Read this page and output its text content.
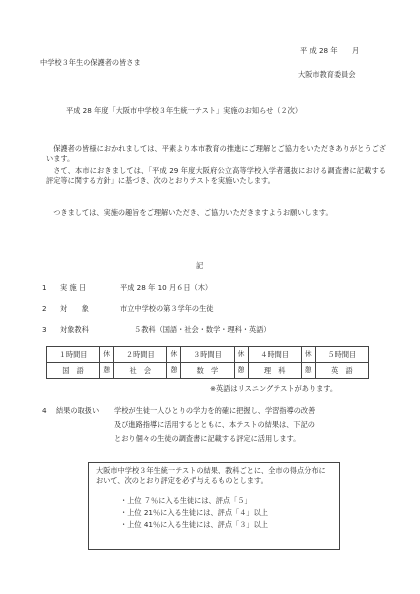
平 成 28 年　　月
中学校３年生の保護者の皆さま
大阪市教育委員会
平成 28 年度「大阪市中学校３年生統一テスト」実施のお知らせ（２次）
保護者の皆様におかれましては、平素より本市教育の推進にご理解とご協力をいただきありがとうございます。
さて、本市におきましては、「平成 29 年度大阪府公立高等学校入学者選抜における調査書に記載する評定等に関する方針」に基づき、次のとおりテストを実施いたします。
つきましては、実施の趣旨をご理解いただき、ご協力いただきますようお願いします。
記
1 実 施 日	平成 28 年 10 月６日（木）
2 対　　象	市立中学校の第３学年の生徒
3 対象教科	５教科（国語・社会・数学・理科・英語）
１時間目	休	２時間目	休	３時間目	休	４時間目	休	５時間目
国　語	憩	社　会	憩	数　学	憩	理　科	憩	英　語
※英語はリスニングテストがあります。
4 結果の取扱い 学校が生徒一人ひとりの学力を的確に把握し、学習指導の改善
及び進路指導に活用するとともに、本テストの結果は、下記の
とおり個々の生徒の調査書に記載する評定に活用します。
大阪市中学校３年生統一テストの結果、教科ごとに、全市の得点分布において、次のとおり評定を必ず与えるものとします。
・上位 ７％に入る生徒には、評点「５」
・上位 21％に入る生徒には、評点「４」以上
・上位 41％に入る生徒には、評点「３」以上
